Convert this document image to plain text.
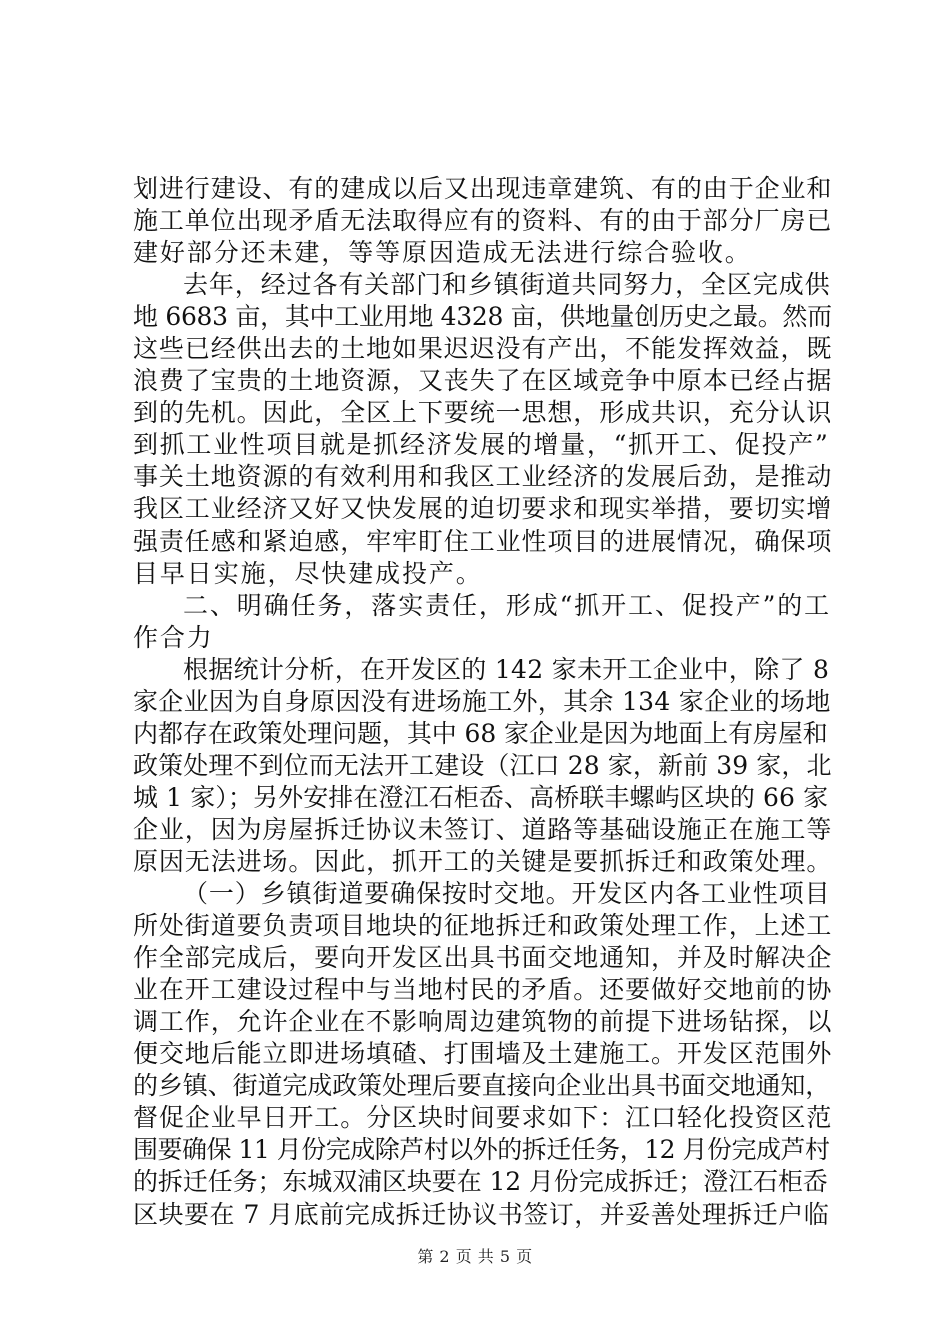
划进行建设、有的建成以后又出现违章建筑、有的由于企业和
施工单位出现矛盾无法取得应有的资料、有的由于部分厂房已
建好部分还未建，等等原因造成无法进行综合验收。
去年，经过各有关部门和乡镇街道共同努力，全区完成供
地 6683 亩，其中工业用地 4328 亩，供地量创历史之最。然而
这些已经供出去的土地如果迟迟没有产出，不能发挥效益，既
浪费了宝贵的土地资源，又丧失了在区域竞争中原本已经占据
到的先机。因此，全区上下要统一思想，形成共识，充分认识
到抓工业性项目就是抓经济发展的增量，“抓开工、促投产”
事关土地资源的有效利用和我区工业经济的发展后劲，是推动
我区工业经济又好又快发展的迫切要求和现实举措，要切实增
强责任感和紧迫感，牢牢盯住工业性项目的进展情况，确保项
目早日实施，尽快建成投产。
二、明确任务，落实责任，形成“抓开工、促投产”的工
作合力
根据统计分析，在开发区的 142 家未开工企业中，除了 8
家企业因为自身原因没有进场施工外，其余 134 家企业的场地
内都存在政策处理问题，其中 68 家企业是因为地面上有房屋和
政策处理不到位而无法开工建设（江口 28 家，新前 39 家，北
城 1 家）；另外安排在澄江石柜岙、高桥联丰螺屿区块的 66 家
企业，因为房屋拆迁协议未签订、道路等基础设施正在施工等
原因无法进场。因此，抓开工的关键是要抓拆迁和政策处理。
（一）乡镇街道要确保按时交地。开发区内各工业性项目
所处街道要负责项目地块的征地拆迁和政策处理工作，上述工
作全部完成后，要向开发区出具书面交地通知，并及时解决企
业在开工建设过程中与当地村民的矛盾。还要做好交地前的协
调工作，允许企业在不影响周边建筑物的前提下进场钻探，以
便交地后能立即进场填碴、打围墙及土建施工。开发区范围外
的乡镇、街道完成政策处理后要直接向企业出具书面交地通知，
督促企业早日开工。分区块时间要求如下：江口轻化投资区范
围要确保 11 月份完成除芦村以外的拆迁任务，12 月份完成芦村
的拆迁任务；东城双浦区块要在 12 月份完成拆迁；澄江石柜岙
区块要在 7 月底前完成拆迁协议书签订，并妥善处理拆迁户临
第 2 页 共 5 页
